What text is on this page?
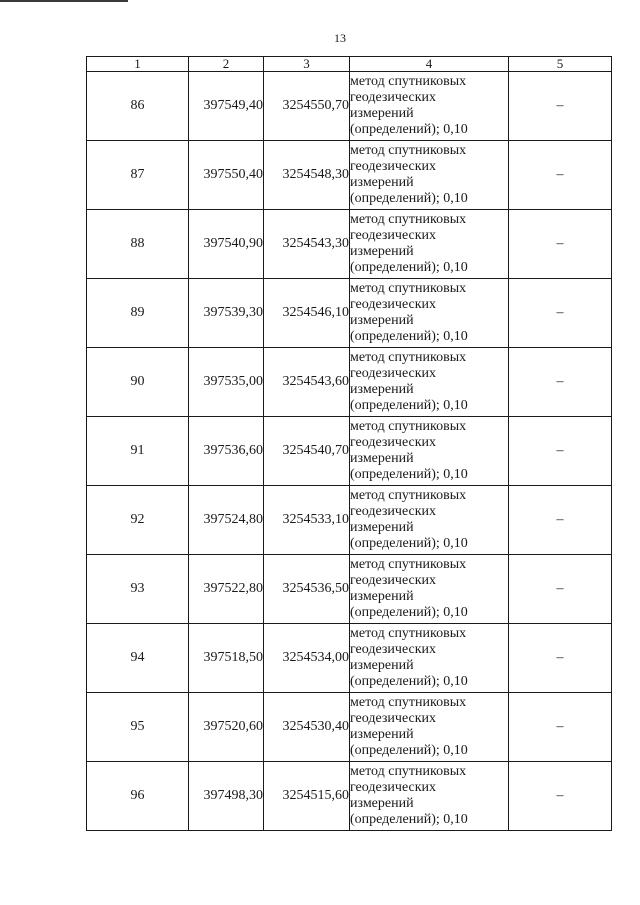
13
1	2	3	4	5
86	397549,40	3254550,70	метод спутниковых
геодезических
измерений
(определений); 0,10	–
87	397550,40	3254548,30	метод спутниковых
геодезических
измерений
(определений); 0,10	–
88	397540,90	3254543,30	метод спутниковых
геодезических
измерений
(определений); 0,10	–
89	397539,30	3254546,10	метод спутниковых
геодезических
измерений
(определений); 0,10	–
90	397535,00	3254543,60	метод спутниковых
геодезических
измерений
(определений); 0,10	–
91	397536,60	3254540,70	метод спутниковых
геодезических
измерений
(определений); 0,10	–
92	397524,80	3254533,10	метод спутниковых
геодезических
измерений
(определений); 0,10	–
93	397522,80	3254536,50	метод спутниковых
геодезических
измерений
(определений); 0,10	–
94	397518,50	3254534,00	метод спутниковых
геодезических
измерений
(определений); 0,10	–
95	397520,60	3254530,40	метод спутниковых
геодезических
измерений
(определений); 0,10	–
96	397498,30	3254515,60	метод спутниковых
геодезических
измерений
(определений); 0,10	–
